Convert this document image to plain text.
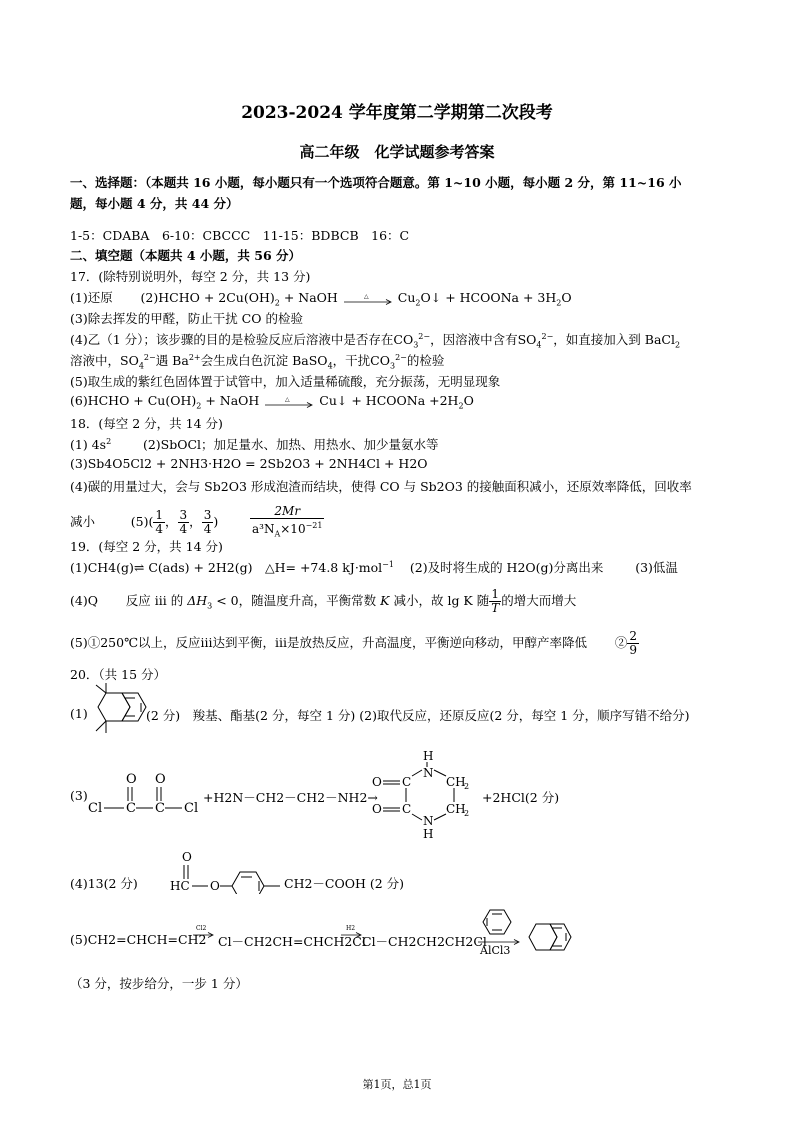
2023-2024 学年度第二学期第二次段考
高二年级　化学试题参考答案
一、选择题：（本题共 16 小题，每小题只有一个选项符合题意。第 1~10 小题，每小题 2 分，第 11~16 小
题，每小题 4 分，共 44 分）
1-5：CDABA　6-10：CBCCC　11-15：BDBCB　16：C
二、填空题（本题共 4 小题，共 56 分）
17．(除特别说明外，每空 2 分，共 13 分)
(1)还原 (2)HCHO + $2Cu(OH)_2$ + NaOH	△ $Cu_2O↓$ + HCOONa + $3H_2O$
(3)除去挥发的甲醛，防止干扰 CO 的检验
(4)乙（1 分）；该步骤的目的是检验反应后溶液中是否存在$CO_3^{2-}$，因溶液中含有$SO_4^{2-}$，如直接加入到 BaCl$_2$
溶液中，$SO_4^{2-}$遇 $Ba^{2+}$会生成白色沉淀 BaSO$_4$，干扰$CO_3^{2-}$的检验
(5)取生成的紫红色固体置于试管中，加入适量稀硫酸，充分振荡，无明显现象
(6)HCHO + $Cu(OH)_2$ + NaOH	△ Cu↓ + HCOONa $+2H_2O$
18．(每空 2 分，共 14 分)
(1) $4s^2$	(2)SbOCl；加足量水、加热、用热水、加少量氨水等
(3)Sb4O5Cl2 + 2NH3·H2O = 2Sb2O3 + 2NH4Cl + H2O
(4)碳的用量过大，会与 Sb2O3 形成泡渣而结块，使得 CO 与 Sb2O3 的接触面积减小，还原效率降低，回收率
减小	$(5)( \frac{1}{4}$ ， $\frac{3}{4}$ ， $\frac{3}{4}$ ) $\frac{2Mr}{a^3N_A\times 10^{-21}}$
19．(每空 2 分，共 14 分)
(1)CH4(g)⇌ C(ads) + 2H2(g)　△H= +74.8 kJ·mol$^{-1}$ (2)及时将生成的 H2O(g)分离出来	(3)低温
(4)Q 反应 iii 的 $\Delta H_3 < 0$，随温度升高，平衡常数 K 减小，故 lg K 随 $\frac{1}{T}$ 的增大而增大
(5)①250℃以上，反应iii达到平衡，iii是放热反应，升高温度，平衡逆向移动，甲醇产率降低 ② $\frac{2}{9}$
20．（共 15 分）
(1)	(2 分)　羧基、酯基(2 分，每空 1 分) (2)取代反应，还原反应(2 分，每空 1 分，顺序写错不给分)
(3)
O O
Cl C C Cl
+H2N－CH2－CH2－NH2→
H
N
O C	CH
2
O C	CH
2
N
H
+2HCl(2 分)
(4)13(2 分)
O
HC O	CH2－COOH (2 分)
(5)CH2=CHCH=CH2
Cl2
Cl－CH2CH=CHCH2Cl
H2
Cl－CH2CH2CH2Cl
AlCl3
（3 分，按步给分，一步 1 分）
第1页，总1页
